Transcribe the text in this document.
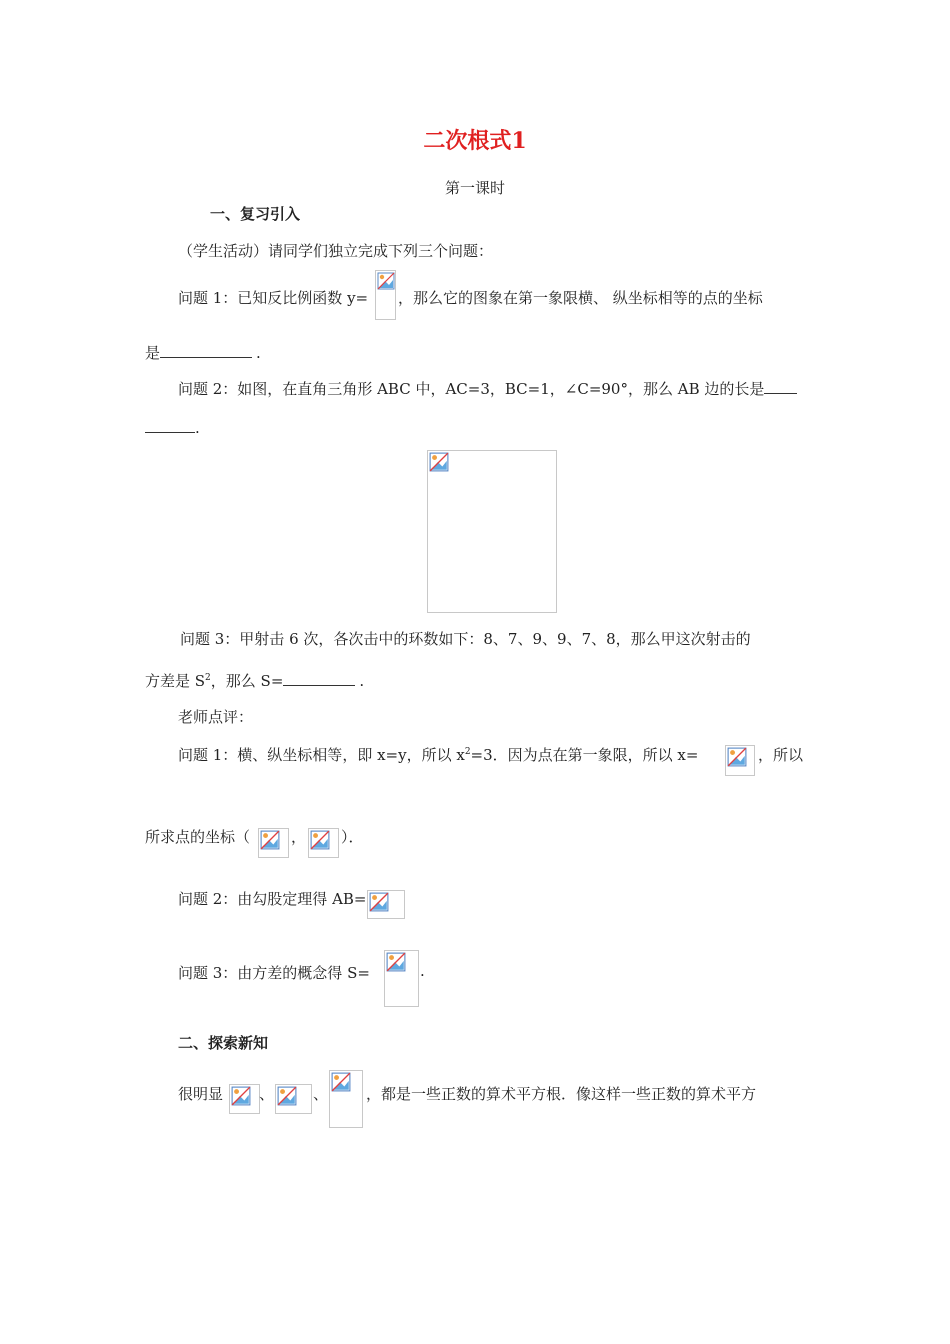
二次根式1
第一课时
一、复习引入
（学生活动）请同学们独立完成下列三个问题：
问题 1：已知反比例函数 y= ，那么它的图象在第一象限横、 纵坐标相等的点的坐标
是	.
问题 2：如图，在直角三角形 ABC 中，AC=3，BC=1，∠C=90°，那么 AB 边的长是
.
问题 3：甲射击 6 次，各次击中的环数如下：8、7、9、9、7、8，那么甲这次射击的
方差是 $S^2$，那么 S=	.
老师点评：
问题 1：横、纵坐标相等，即 x=y，所以 $x^2=3$．因为点在第一象限，所以 x=	，所以
所求点的坐标（	， ）．
问题 2：由勾股定理得 AB=
问题 3：由方差的概念得 S=	.
二、探索新知
很明显 、	、	，都是一些正数的算术平方根．像这样一些正数的算术平方
